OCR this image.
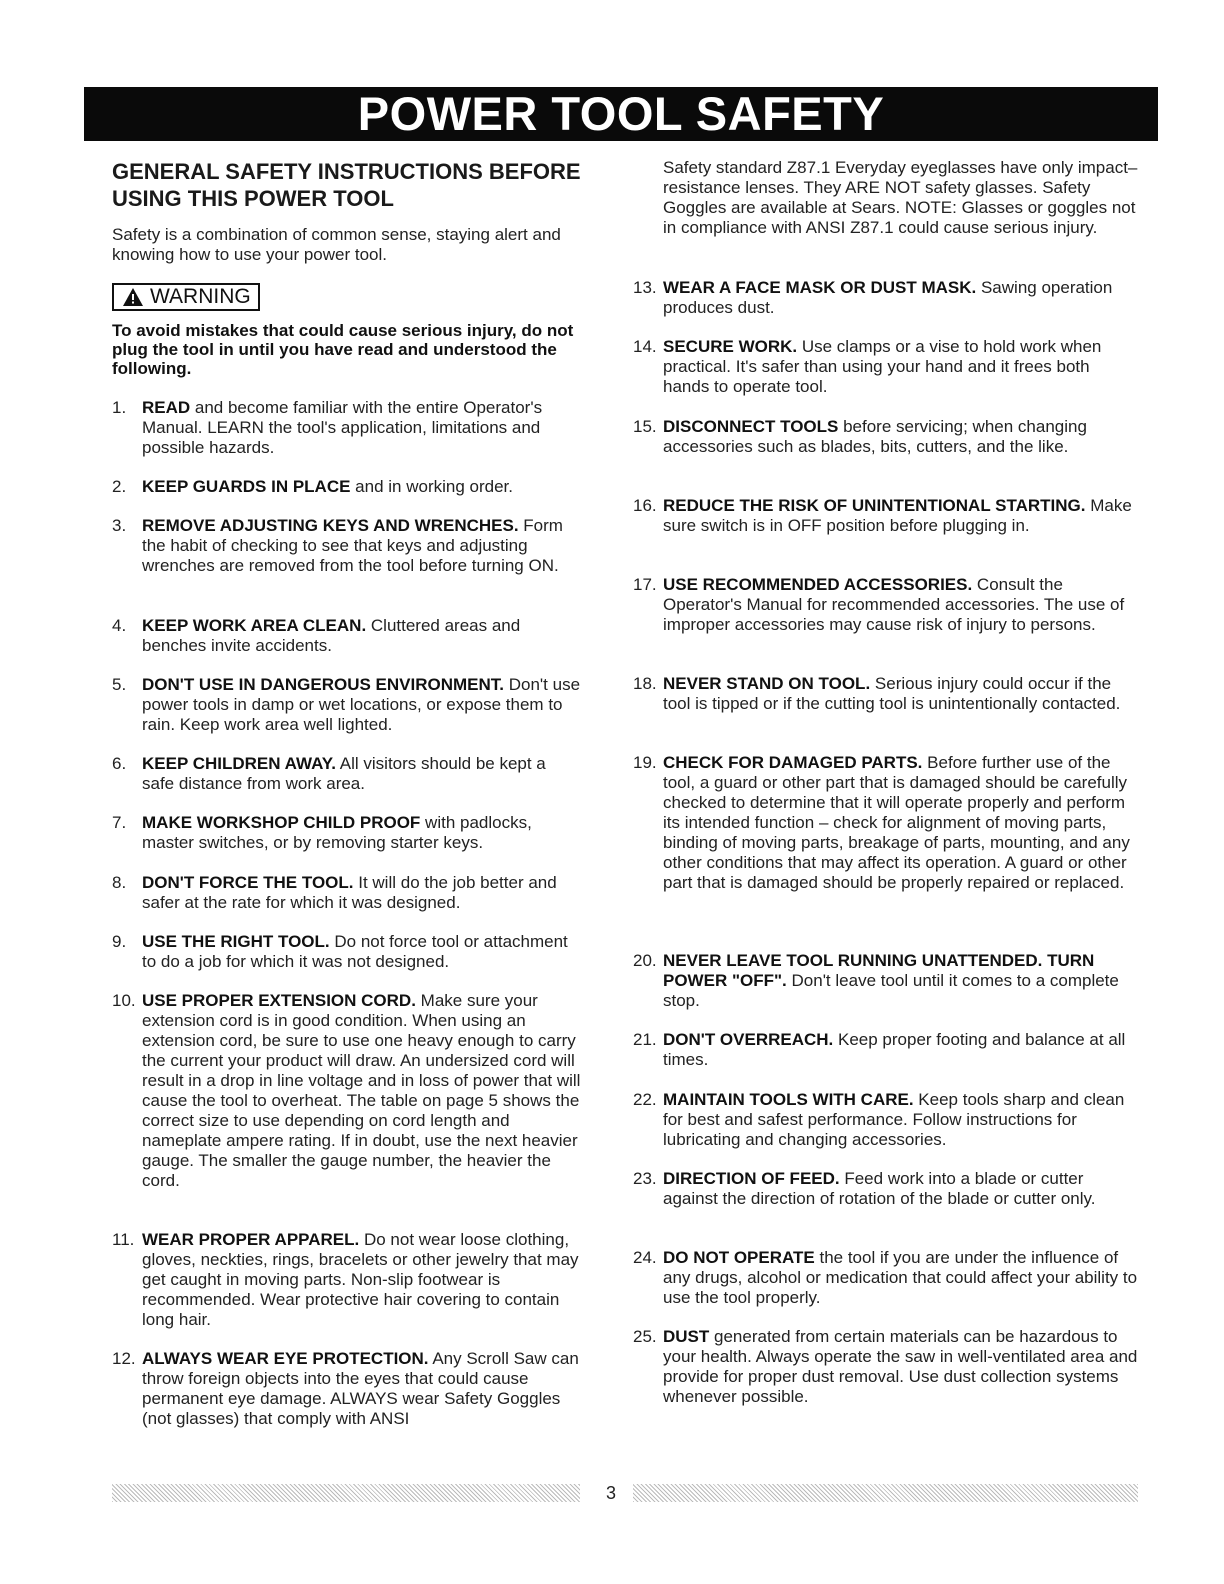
POWER TOOL SAFETY
GENERAL SAFETY INSTRUCTIONS BEFORE USING THIS POWER TOOL
Safety is a combination of common sense, staying alert and knowing how to use your power tool.
WARNING
To avoid mistakes that could cause serious injury, do not plug the tool in until you have read and understood the following.
1. READ and become familiar with the entire Operator's Manual. LEARN the tool's application, limitations and possible hazards.
2. KEEP GUARDS IN PLACE and in working order.
3. REMOVE ADJUSTING KEYS AND WRENCHES. Form the habit of checking to see that keys and adjusting wrenches are removed from the tool before turning ON.
4. KEEP WORK AREA CLEAN. Cluttered areas and benches invite accidents.
5. DON'T USE IN DANGEROUS ENVIRONMENT. Don't use power tools in damp or wet locations, or expose them to rain. Keep work area well lighted.
6. KEEP CHILDREN AWAY. All visitors should be kept a safe distance from work area.
7. MAKE WORKSHOP CHILD PROOF with padlocks, master switches, or by removing starter keys.
8. DON'T FORCE THE TOOL. It will do the job better and safer at the rate for which it was designed.
9. USE THE RIGHT TOOL. Do not force tool or attachment to do a job for which it was not designed.
10. USE PROPER EXTENSION CORD. Make sure your extension cord is in good condition. When using an extension cord, be sure to use one heavy enough to carry the current your product will draw. An undersized cord will result in a drop in line voltage and in loss of power that will cause the tool to overheat. The table on page 5 shows the correct size to use depending on cord length and nameplate ampere rating. If in doubt, use the next heavier gauge. The smaller the gauge number, the heavier the cord.
11. WEAR PROPER APPAREL. Do not wear loose clothing, gloves, neckties, rings, bracelets or other jewelry that may get caught in moving parts. Non-slip footwear is recommended. Wear protective hair covering to contain long hair.
12. ALWAYS WEAR EYE PROTECTION. Any Scroll Saw can throw foreign objects into the eyes that could cause permanent eye damage. ALWAYS wear Safety Goggles (not glasses) that comply with ANSI
Safety standard Z87.1 Everyday eyeglasses have only impact–resistance lenses. They ARE NOT safety glasses. Safety Goggles are available at Sears. NOTE: Glasses or goggles not in compliance with ANSI Z87.1 could cause serious injury.
13. WEAR A FACE MASK OR DUST MASK. Sawing operation produces dust.
14. SECURE WORK. Use clamps or a vise to hold work when practical. It's safer than using your hand and it frees both hands to operate tool.
15. DISCONNECT TOOLS before servicing; when changing accessories such as blades, bits, cutters, and the like.
16. REDUCE THE RISK OF UNINTENTIONAL STARTING. Make sure switch is in OFF position before plugging in.
17. USE RECOMMENDED ACCESSORIES. Consult the Operator's Manual for recommended accessories. The use of improper accessories may cause risk of injury to persons.
18. NEVER STAND ON TOOL. Serious injury could occur if the tool is tipped or if the cutting tool is unintentionally contacted.
19. CHECK FOR DAMAGED PARTS. Before further use of the tool, a guard or other part that is damaged should be carefully checked to determine that it will operate properly and perform its intended function – check for alignment of moving parts, binding of moving parts, breakage of parts, mounting, and any other conditions that may affect its operation. A guard or other part that is damaged should be properly repaired or replaced.
20. NEVER LEAVE TOOL RUNNING UNATTENDED. TURN POWER "OFF". Don't leave tool until it comes to a complete stop.
21. DON'T OVERREACH. Keep proper footing and balance at all times.
22. MAINTAIN TOOLS WITH CARE. Keep tools sharp and clean for best and safest performance. Follow instructions for lubricating and changing accessories.
23. DIRECTION OF FEED. Feed work into a blade or cutter against the direction of rotation of the blade or cutter only.
24. DO NOT OPERATE the tool if you are under the influence of any drugs, alcohol or medication that could affect your ability to use the tool properly.
25. DUST generated from certain materials can be hazardous to your health. Always operate the saw in well-ventilated area and provide for proper dust removal. Use dust collection systems whenever possible.
3
